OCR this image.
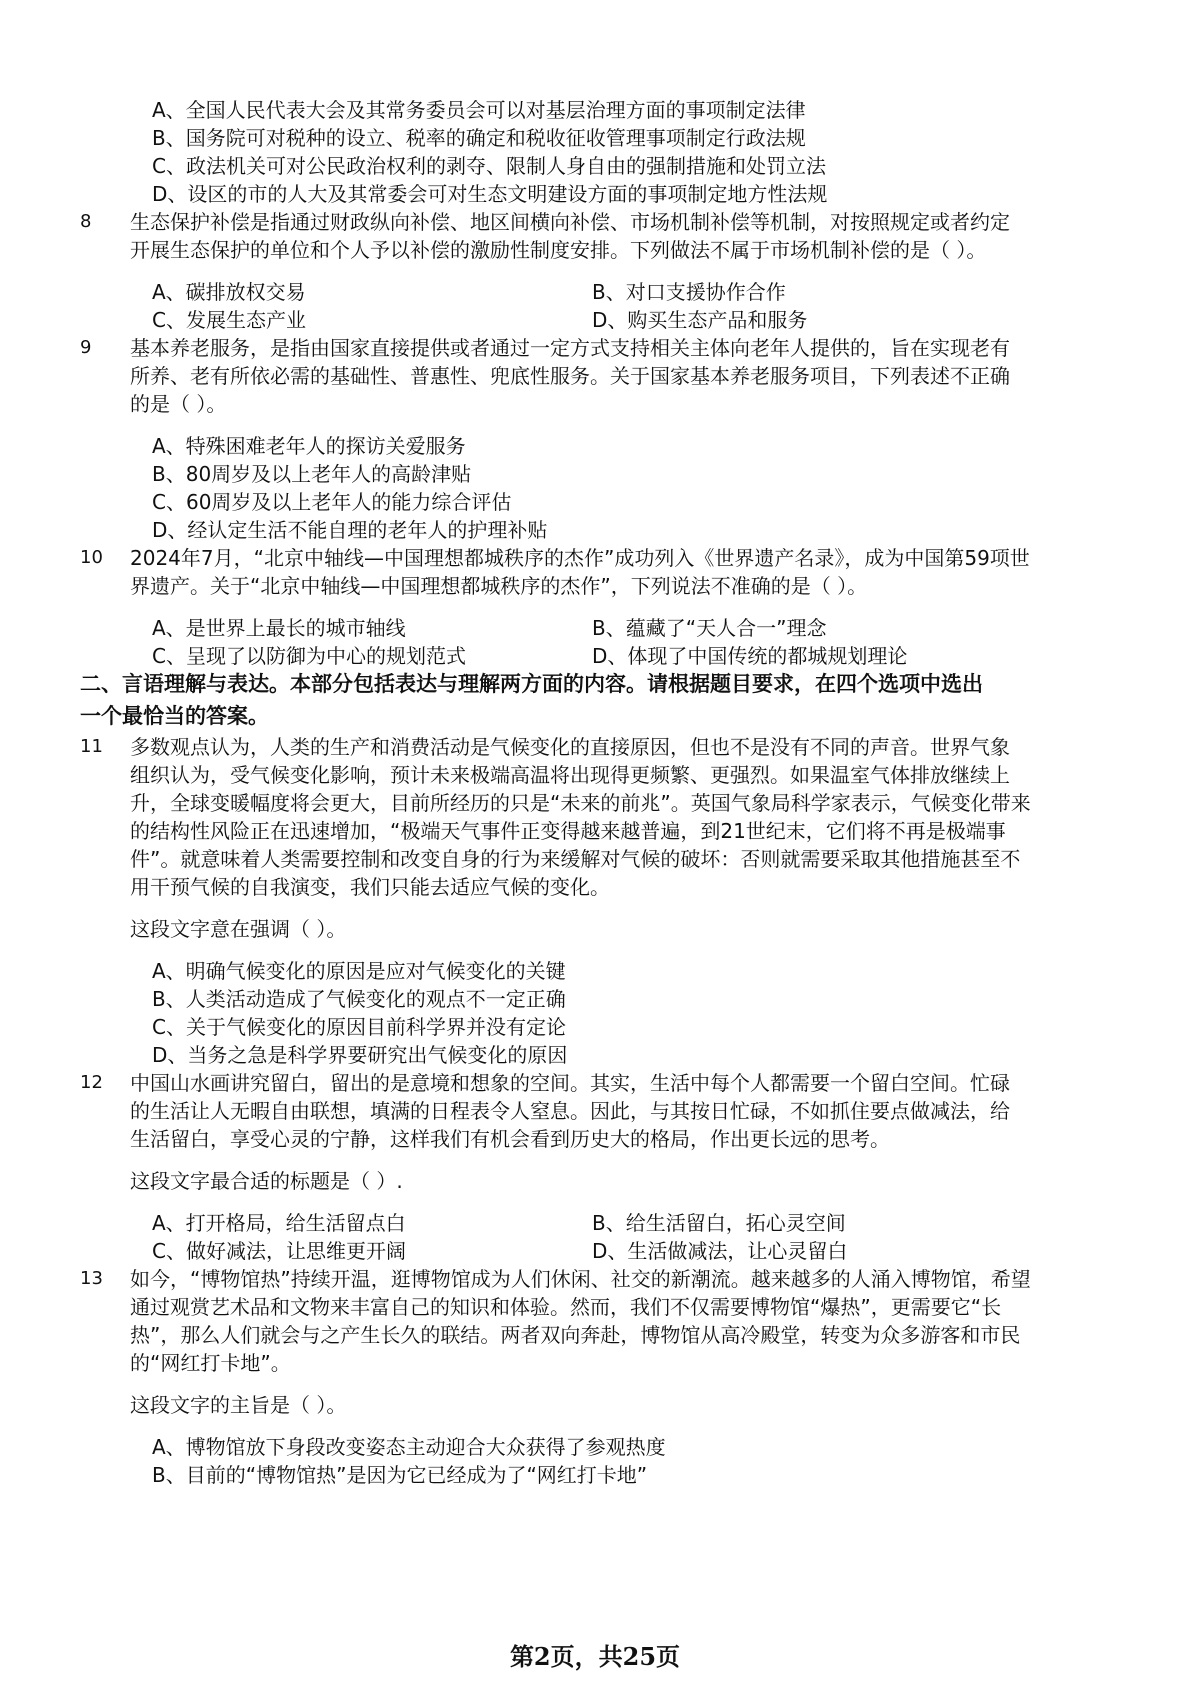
A、全国人民代表大会及其常务委员会可以对基层治理方面的事项制定法律
B、国务院可对税种的设立、税率的确定和税收征收管理事项制定行政法规
C、政法机关可对公民政治权利的剥夺、限制人身自由的强制措施和处罚立法
D、设区的市的人大及其常委会可对生态文明建设方面的事项制定地方性法规
8 生态保护补偿是指通过财政纵向补偿、地区间横向补偿、市场机制补偿等机制，对按照规定或者约定
开展生态保护的单位和个人予以补偿的激励性制度安排。下列做法不属于市场机制补偿的是（ ）。
A、碳排放权交易	B、对口支援协作合作
C、发展生态产业	D、购买生态产品和服务
9 基本养老服务，是指由国家直接提供或者通过一定方式支持相关主体向老年人提供的，旨在实现老有
所养、老有所依必需的基础性、普惠性、兜底性服务。关于国家基本养老服务项目，下列表述不正确
的是（ ）。
A、特殊困难老年人的探访关爱服务
B、80周岁及以上老年人的高龄津贴
C、60周岁及以上老年人的能力综合评估
D、经认定生活不能自理的老年人的护理补贴
10 2024年7月，“北京中轴线—中国理想都城秩序的杰作”成功列入《世界遗产名录》，成为中国第59项世
界遗产。关于“北京中轴线—中国理想都城秩序的杰作”，下列说法不准确的是（ ）。
A、是世界上最长的城市轴线	B、蕴藏了“天人合一”理念
C、呈现了以防御为中心的规划范式	D、体现了中国传统的都城规划理论
二、言语理解与表达。本部分包括表达与理解两方面的内容。请根据题目要求，在四个选项中选出
一个最恰当的答案。
11 多数观点认为，人类的生产和消费活动是气候变化的直接原因，但也不是没有不同的声音。世界气象
组织认为，受气候变化影响，预计未来极端高温将出现得更频繁、更强烈。如果温室气体排放继续上
升，全球变暖幅度将会更大，目前所经历的只是“未来的前兆”。英国气象局科学家表示，气候变化带来
的结构性风险正在迅速增加，“极端天气事件正变得越来越普遍，到21世纪末，它们将不再是极端事
件”。就意味着人类需要控制和改变自身的行为来缓解对气候的破坏：否则就需要采取其他措施甚至不
用干预气候的自我演变，我们只能去适应气候的变化。
这段文字意在强调（ ）。
A、明确气候变化的原因是应对气候变化的关键
B、人类活动造成了气候变化的观点不一定正确
C、关于气候变化的原因目前科学界并没有定论
D、当务之急是科学界要研究出气候变化的原因
12 中国山水画讲究留白，留出的是意境和想象的空间。其实，生活中每个人都需要一个留白空间。忙碌
的生活让人无暇自由联想，填满的日程表令人窒息。因此，与其按日忙碌，不如抓住要点做减法，给
生活留白，享受心灵的宁静，这样我们有机会看到历史大的格局，作出更长远的思考。
这段文字最合适的标题是（ ）.
A、打开格局，给生活留点白	B、给生活留白，拓心灵空间
C、做好减法，让思维更开阔	D、生活做减法，让心灵留白
13 如今，“博物馆热”持续开温，逛博物馆成为人们休闲、社交的新潮流。越来越多的人涌入博物馆，希望
通过观赏艺术品和文物来丰富自己的知识和体验。然而，我们不仅需要博物馆“爆热”，更需要它“长
热”，那么人们就会与之产生长久的联结。两者双向奔赴，博物馆从高冷殿堂，转变为众多游客和市民
的“网红打卡地”。
这段文字的主旨是（ ）。
A、博物馆放下身段改变姿态主动迎合大众获得了参观热度
B、目前的“博物馆热”是因为它已经成为了“网红打卡地”
第2页，共25页
